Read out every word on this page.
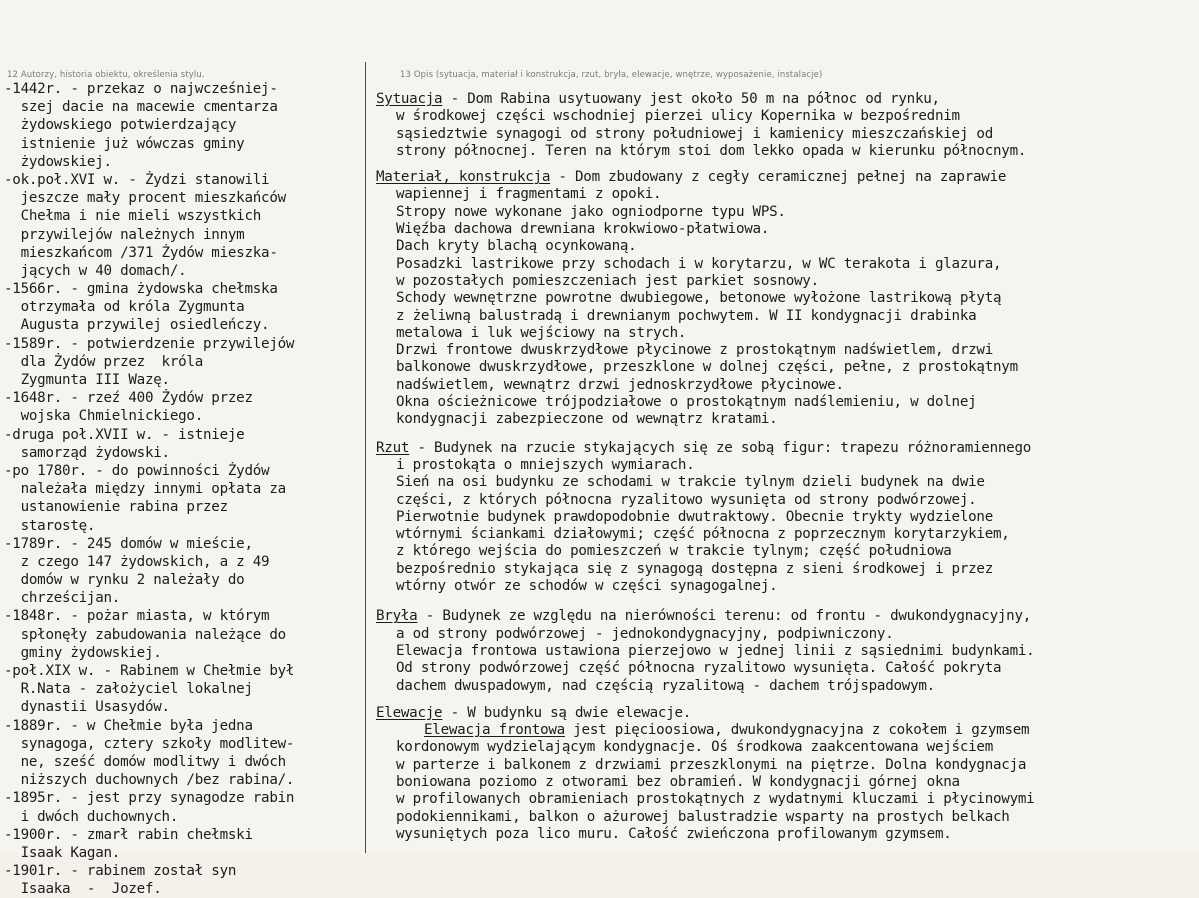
12 Autorzy, historia obiektu, określenia stylu.	13 Opis (sytuacja, materiał i konstrukcja, rzut, bryła, elewacje, wnętrze, wyposażenie, instalacje)
-1442r. - przekaz o najwcześniej-
szej dacie na macewie cmentarza
żydowskiego potwierdzający
istnienie już wówczas gminy
żydowskiej.
-ok.poł.XVI w. - Żydzi stanowili
jeszcze mały procent mieszkańców
Chełma i nie mieli wszystkich
przywilejów należnych innym
mieszkańcom /371 Żydów mieszka-
jących w 40 domach/.
-1566r. - gmina żydowska chełmska
otrzymała od króla Zygmunta
Augusta przywilej osiedleńczy.
-1589r. - potwierdzenie przywilejów
dla Żydów przez  króla
Zygmunta III Wazę.
-1648r. - rzeź 400 Żydów przez
wojska Chmielnickiego.
-druga poł.XVII w. - istnieje
samorząd żydowski.
-po 1780r. - do powinności Żydów
należała między innymi opłata za
ustanowienie rabina przez
starostę.
-1789r. - 245 domów w mieście,
z czego 147 żydowskich, a z 49
domów w rynku 2 należały do
chrześcijan.
-1848r. - pożar miasta, w którym
spłonęły zabudowania należące do
gminy żydowskiej.
-poł.XIX w. - Rabinem w Chełmie był
R.Nata - założyciel lokalnej
dynastii Usasydów.
-1889r. - w Chełmie była jedna
synagoga, cztery szkoły modlitew-
ne, sześć domów modlitwy i dwóch
niższych duchownych /bez rabina/.
-1895r. - jest przy synagodze rabin
i dwóch duchownych.
-1900r. - zmarł rabin chełmski
Isaak Kagan.
-1901r. - rabinem został syn
Isaaka  -  Jozef.
Sytuacja - Dom Rabina usytuowany jest około 50 m na północ od rynku,
w środkowej części wschodniej pierzei ulicy Kopernika w bezpośrednim
sąsiedztwie synagogi od strony południowej i kamienicy mieszczańskiej od
strony północnej. Teren na którym stoi dom lekko opada w kierunku północnym.
Materiał, konstrukcja - Dom zbudowany z cegły ceramicznej pełnej na zaprawie
wapiennej i fragmentami z opoki.
Stropy nowe wykonane jako ogniodporne typu WPS.
Więźba dachowa drewniana krokwiowo-płatwiowa.
Dach kryty blachą ocynkowaną.
Posadzki lastrikowe przy schodach i w korytarzu, w WC terakota i glazura,
w pozostałych pomieszczeniach jest parkiet sosnowy.
Schody wewnętrzne powrotne dwubiegowe, betonowe wyłożone lastrikową płytą
z żeliwną balustradą i drewnianym pochwytem. W II kondygnacji drabinka
metalowa i luk wejściowy na strych.
Drzwi frontowe dwuskrzydłowe płycinowe z prostokątnym nadświetlem, drzwi
balkonowe dwuskrzydłowe, przeszklone w dolnej części, pełne, z prostokątnym
nadświetlem, wewnątrz drzwi jednoskrzydłowe płycinowe.
Okna ościeżnicowe trójpodziałowe o prostokątnym nadślemieniu, w dolnej
kondygnacji zabezpieczone od wewnątrz kratami.
Rzut - Budynek na rzucie stykających się ze sobą figur: trapezu różnoramiennego
i prostokąta o mniejszych wymiarach.
Sień na osi budynku ze schodami w trakcie tylnym dzieli budynek na dwie
części, z których północna ryzalitowo wysunięta od strony podwórzowej.
Pierwotnie budynek prawdopodobnie dwutraktowy. Obecnie trykty wydzielone
wtórnymi ściankami działowymi; część północna z poprzecznym korytarzykiem,
z którego wejścia do pomieszczeń w trakcie tylnym; część południowa
bezpośrednio stykająca się z synagogą dostępna z sieni środkowej i przez
wtórny otwór ze schodów w części synagogalnej.
Bryła - Budynek ze względu na nierówności terenu: od frontu - dwukondygnacyjny,
a od strony podwórzowej - jednokondygnacyjny, podpiwniczony.
Elewacja frontowa ustawiona pierzejowo w jednej linii z sąsiednimi budynkami.
Od strony podwórzowej część północna ryzalitowo wysunięta. Całość pokryta
dachem dwuspadowym, nad częścią ryzalitową - dachem trójspadowym.
Elewacje - W budynku są dwie elewacje.
Elewacja frontowa jest pięcioosiowa, dwukondygnacyjna z cokołem i gzymsem
kordonowym wydzielającym kondygnacje. Oś środkowa zaakcentowana wejściem
w parterze i balkonem z drzwiami przeszklonymi na piętrze. Dolna kondygnacja
boniowana poziomo z otworami bez obramień. W kondygnacji górnej okna
w profilowanych obramieniach prostokątnych z wydatnymi kluczami i płycinowymi
podokiennikami, balkon o ażurowej balustradzie wsparty na prostych belkach
wysuniętych poza lico muru. Całość zwieńczona profilowanym gzymsem.
